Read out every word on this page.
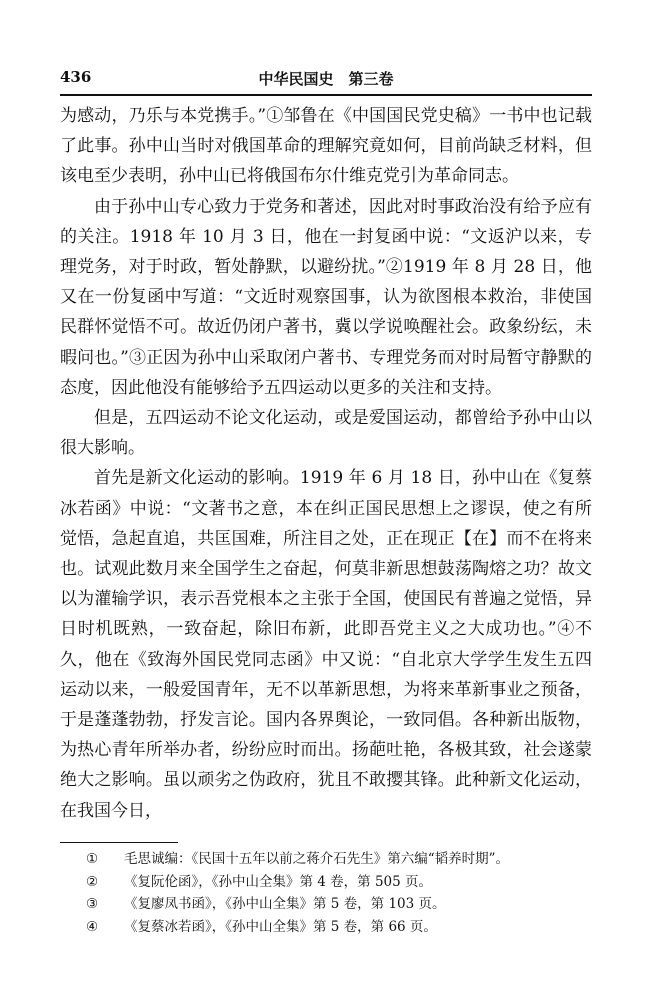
436	中华民国史　第三卷

为感动，乃乐与本党携手。”①邹鲁在《中国国民党史稿》一书中也记载了此事。孙中山当时对俄国革命的理解究竟如何，目前尚缺乏材料，但该电至少表明，孙中山已将俄国布尔什维克党引为革命同志。

由于孙中山专心致力于党务和著述，因此对时事政治没有给予应有的关注。1918 年 10 月 3 日，他在一封复函中说：“文返沪以来，专理党务，对于时政，暂处静默，以避纷扰。”②1919 年 8 月 28 日，他又在一份复函中写道：“文近时观察国事，认为欲图根本救治，非使国民群怀觉悟不可。故近仍闭户著书，冀以学说唤醒社会。政象纷纭，未暇问也。”③正因为孙中山采取闭户著书、专理党务而对时局暂守静默的态度，因此他没有能够给予五四运动以更多的关注和支持。

但是，五四运动不论文化运动，或是爱国运动，都曾给予孙中山以很大影响。

首先是新文化运动的影响。1919 年 6 月 18 日，孙中山在《复蔡冰若函》中说：“文著书之意，本在纠正国民思想上之谬误，使之有所觉悟，急起直追，共匡国难，所注目之处，正在现正【在】而不在将来也。试观此数月来全国学生之奋起，何莫非新思想鼓荡陶熔之功？故文以为灌输学识，表示吾党根本之主张于全国，使国民有普遍之觉悟，异日时机既熟，一致奋起，除旧布新，此即吾党主义之大成功也。”④不久，他在《致海外国民党同志函》中又说：“自北京大学学生发生五四运动以来，一般爱国青年，无不以革新思想，为将来革新事业之预备，于是蓬蓬勃勃，抒发言论。国内各界舆论，一致同倡。各种新出版物，为热心青年所举办者，纷纷应时而出。扬葩吐艳，各极其致，社会遂蒙绝大之影响。虽以顽劣之伪政府，犹且不敢撄其锋。此种新文化运动，在我国今日，

① 毛思诚编：《民国十五年以前之蒋介石先生》第六编“韬养时期”。
② 《复阮伦函》，《孙中山全集》第 4 卷，第 505 页。
③ 《复廖凤书函》，《孙中山全集》第 5 卷，第 103 页。
④ 《复蔡冰若函》，《孙中山全集》第 5 卷，第 66 页。
